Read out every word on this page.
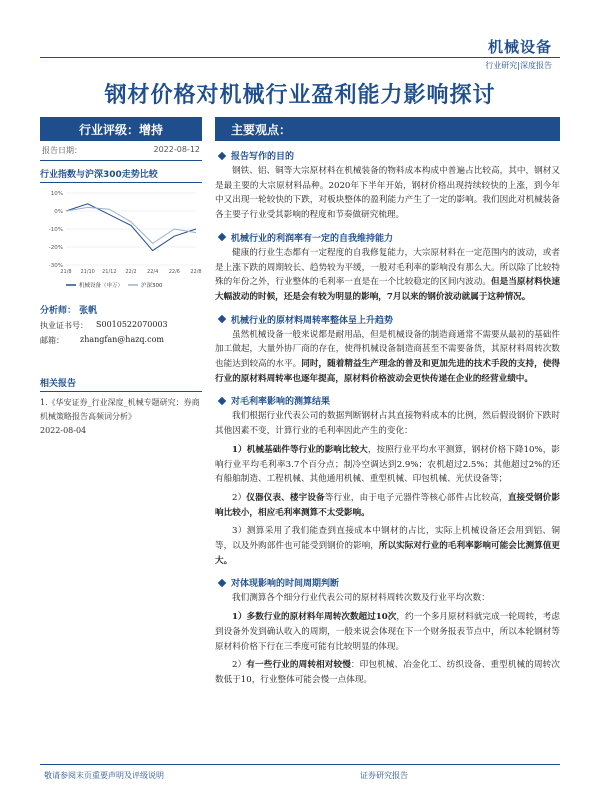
机械设备
行业研究|深度报告
钢材价格对机械行业盈利能力影响探讨
行业评级：增持
报告日期：	2022-08-12
行业指数与沪深300走势比较
10%
0%
-10%
-20%
-30%
21/8 21/10 21/12 22/2 22/4 22/6 22/8
机械设备（申万）	沪深300
分析师： 张帆
执业证书号：	S0010522070003
邮箱：	zhangfan@hazq.com
相关报告
1.《华安证券_行业深度_机械专题研究：券商机械策略报告高频词分析》
2022-08-04
主要观点：
报告写作的目的
钢铁、铝、铜等大宗原材料在机械装备的物料成本构成中普遍占比较高，其中，钢材又是最主要的大宗原材料品种。2020年下半年开始，钢材价格出现持续较快的上涨，到今年中又出现一轮较快的下跌，对板块整体的盈利能力产生了一定的影响。我们因此对机械装备各主要子行业受其影响的程度和节奏做研究梳理。
机械行业的利润率有一定的自我维持能力
健康的行业生态都有一定程度的自我修复能力，大宗原材料在一定范围内的波动，或者是上涨下跌的周期较长、趋势较为平缓，一般对毛利率的影响没有那么大。所以除了比较特殊的年份之外，行业整体的毛利率一直是在一个比较稳定的区间内波动。但是当原材料快速大幅波动的时候，还是会有较为明显的影响，7月以来的钢价波动就属于这种情况。
机械行业的原材料周转率整体呈上升趋势
虽然机械设备一般来说都是耐用品，但是机械设备的制造商通常不需要从最初的基础件加工做起，大量外协厂商的存在，使得机械设备制造商甚至不需要备货，其原材料周转次数也能达到较高的水平。同时，随着精益生产理念的普及和更加先进的技术手段的支持，使得行业的原材料周转率也逐年提高，原材料价格波动会更快传递在企业的经营业绩中。
对毛利率影响的测算结果
我们根据行业代表公司的数据判断钢材占其直接物料成本的比例，然后假设钢价下跌时其他因素不变，计算行业的毛利率因此产生的变化：
1）机械基础件等行业的影响比较大，按照行业平均水平测算，钢材价格下降10%，影响行业平均毛利率3.7个百分点；制冷空调达到2.9%；农机超过2.5%；其他超过2%的还有船舶制造、工程机械、其他通用机械、重型机械、印包机械、光伏设备等；
2）仪器仪表、楼宇设备等行业，由于电子元器件等核心部件占比较高，直接受钢价影响比较小，相应毛利率测算不太受影响。
3）测算采用了我们能查到直接成本中钢材的占比，实际上机械设备还会用到铝、铜等，以及外购部件也可能受到钢价的影响，所以实际对行业的毛利率影响可能会比测算值更大。
对体现影响的时间周期判断
我们测算各个细分行业代表公司的原材料周转次数及行业平均次数：
1）多数行业的原材料年周转次数超过10次，约一个多月原材料就完成一轮周转，考虑到设备外发到确认收入的周期，一般来说会体现在下一个财务报表节点中，所以本轮钢材等原材料价格下行在三季度可能有比较明显的体现。
2）有一些行业的周转相对较慢：印包机械、冶金化工、纺织设备、重型机械的周转次数低于10，行业整体可能会慢一点体现。
敬请参阅末页重要声明及评级说明	证券研究报告
